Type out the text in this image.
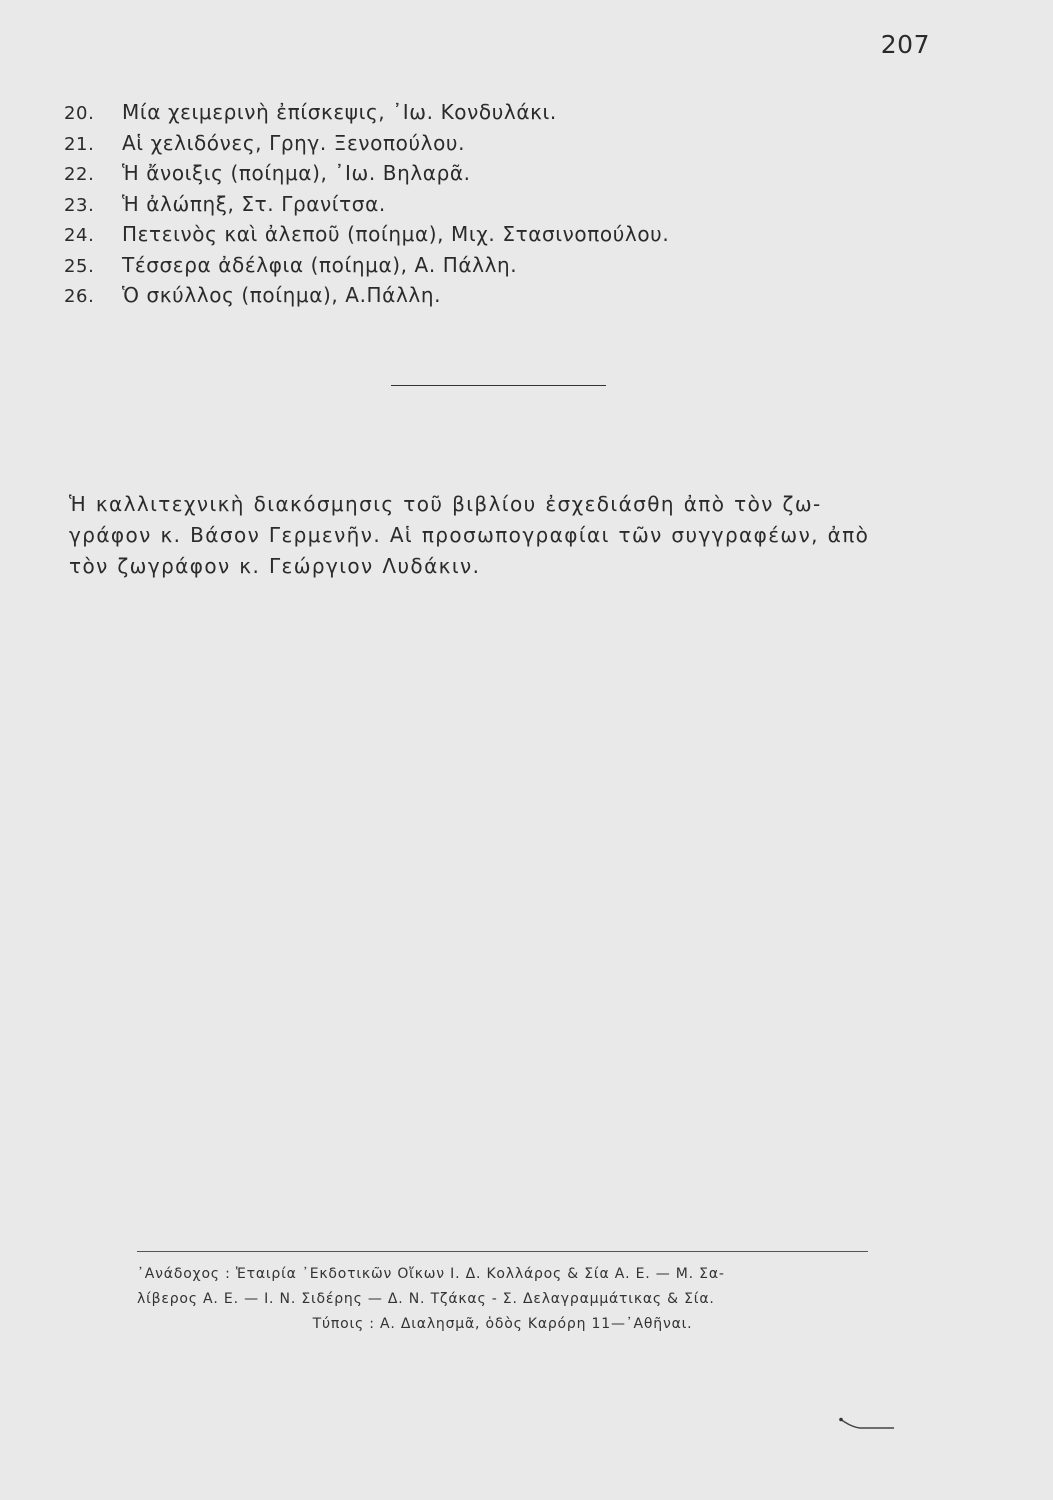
207
20. Μία χειμερινὴ ἐπίσκεψις, ᾿Ιω. Κονδυλάκι.
21. Αἱ χελιδόνες, Γρηγ. Ξενοπούλου.
22. Ἡ ἄνοιξις (ποίημα), ᾿Ιω. Βηλαρᾶ.
23. Ἡ ἀλώπηξ, Στ. Γρανίτσα.
24. Πετεινὸς καὶ ἀλεποῦ (ποίημα), Μιχ. Στασινοπούλου.
25. Τέσσερα ἀδέλφια (ποίημα), Α. Πάλλη.
26. Ὁ σκύλλος (ποίημα), Α.Πάλλη.

Ἡ καλλιτεχνικὴ διακόσμησις τοῦ βιβλίου ἐσχεδιάσθη ἀπὸ τὸν ζω-
γράφον κ. Βάσον Γερμενῆν. Αἱ προσωπογραφίαι τῶν συγγραφέων, ἀπὸ
τὸν ζωγράφον κ. Γεώργιον Λυδάκιν.

᾿Ανάδοχος : Ἑταιρία ᾿Εκδοτικῶν Οἴκων Ι. Δ. Κολλάρος & Σία Α. Ε. — Μ. Σα-
λίβερος Α. Ε. — Ι. Ν. Σιδέρης — Δ. Ν. Τζάκας - Σ. Δελαγραμμάτικας & Σία.
Τύποις : Α. Διαλησμᾶ, ὁδὸς Καρόρη 11—᾿Αθῆναι.
